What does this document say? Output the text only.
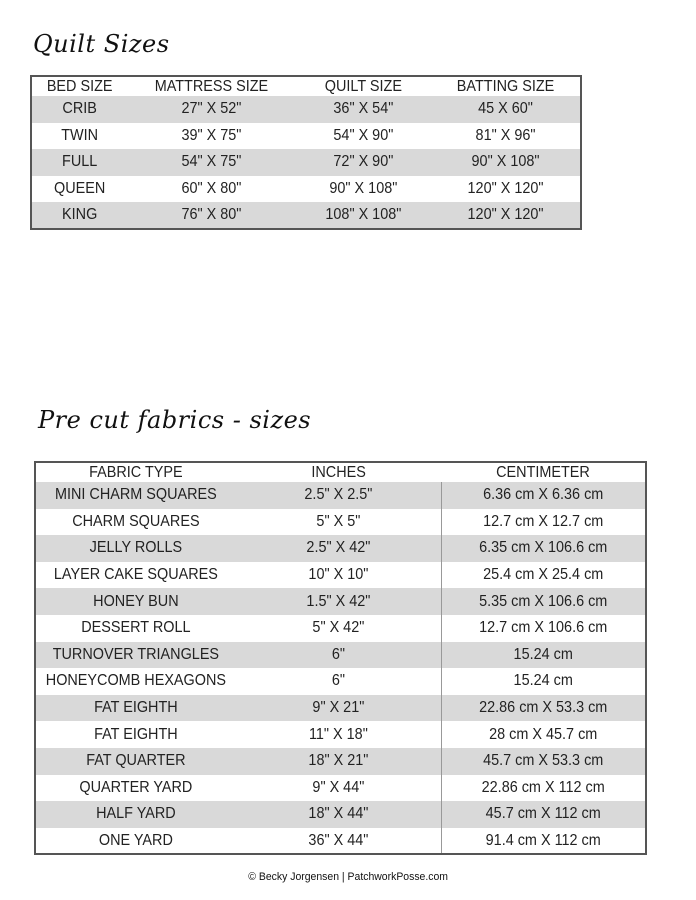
Quilt Sizes
BED SIZE	MATTRESS SIZE	QUILT SIZE	BATTING SIZE
CRIB	27" X 52"	36" X 54"	45 X 60"
TWIN	39" X 75"	54" X 90"	81" X 96"
FULL	54" X 75"	72" X 90"	90" X 108"
QUEEN	60" X 80"	90" X 108"	120" X 120"
KING	76" X 80"	108" X 108"	120" X 120"
Pre cut fabrics - sizes
FABRIC TYPE	INCHES	CENTIMETER
MINI CHARM SQUARES	2.5" X 2.5"	6.36 cm X 6.36 cm
CHARM SQUARES	5" X 5"	12.7 cm X 12.7 cm
JELLY ROLLS	2.5" X 42"	6.35 cm X 106.6 cm
LAYER CAKE SQUARES	10" X 10"	25.4 cm X 25.4 cm
HONEY BUN	1.5" X 42"	5.35 cm X 106.6 cm
DESSERT ROLL	5" X 42"	12.7 cm X 106.6 cm
TURNOVER TRIANGLES	6"	15.24 cm
HONEYCOMB HEXAGONS	6"	15.24 cm
FAT EIGHTH	9" X 21"	22.86 cm X 53.3 cm
FAT EIGHTH	11" X 18"	28 cm X 45.7 cm
FAT QUARTER	18" X 21"	45.7 cm X 53.3 cm
QUARTER YARD	9" X 44"	22.86 cm X 112 cm
HALF YARD	18" X 44"	45.7 cm X 112 cm
ONE YARD	36" X 44"	91.4 cm X 112 cm
© Becky Jorgensen | PatchworkPosse.com
